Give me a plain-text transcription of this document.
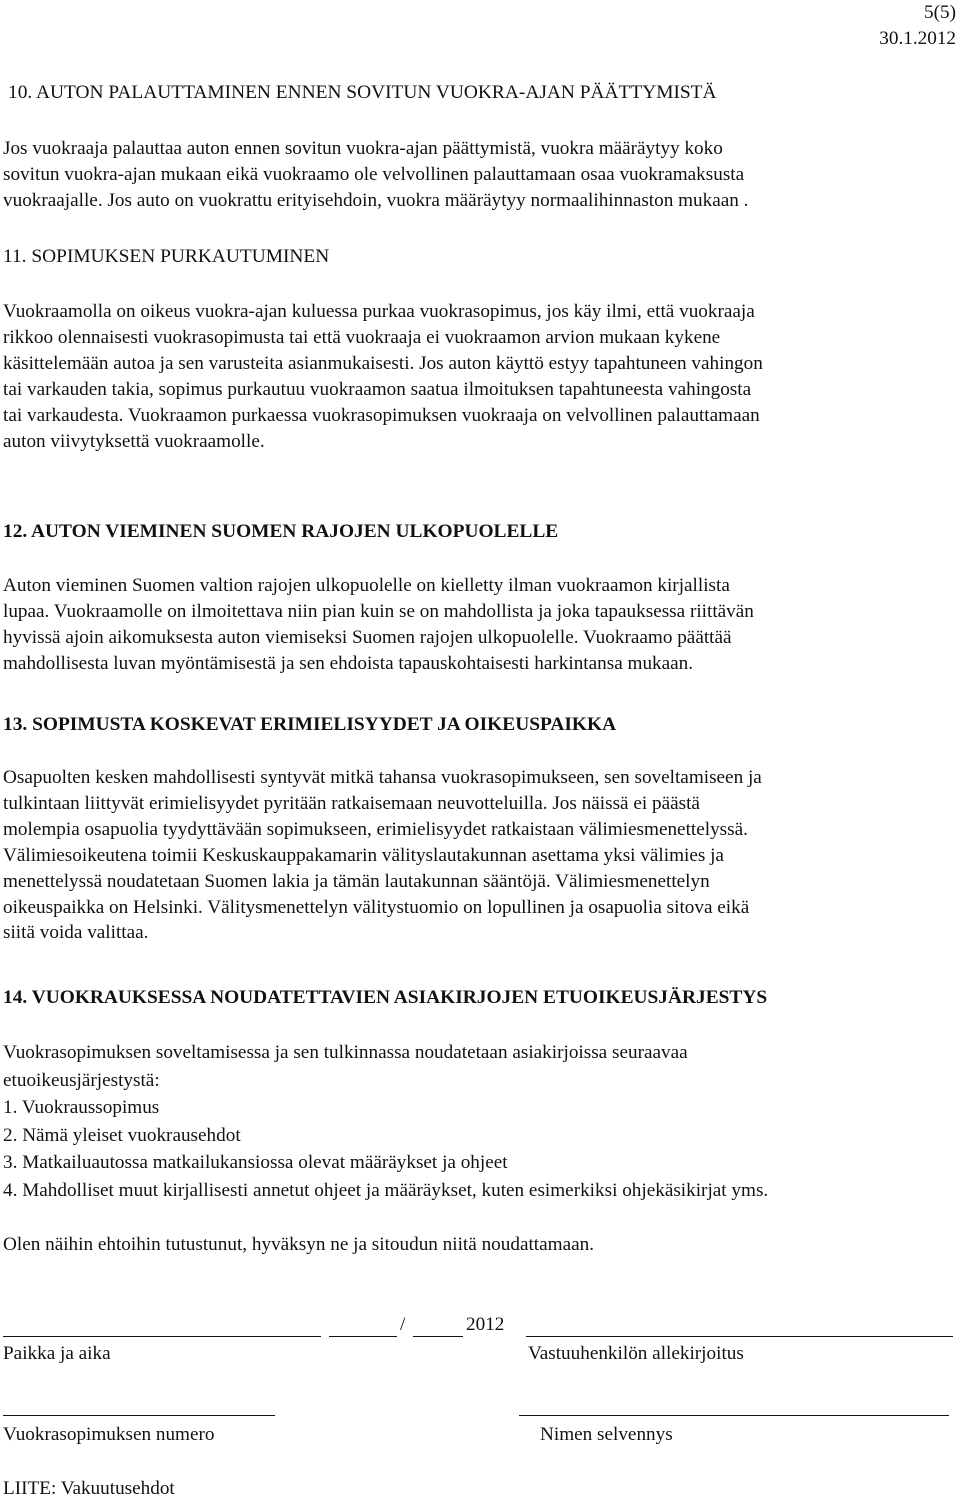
5(5)
30.1.2012
10. AUTON PALAUTTAMINEN ENNEN SOVITUN VUOKRA-AJAN PÄÄTTYMISTÄ
Jos vuokraaja palauttaa auton ennen sovitun vuokra-ajan päättymistä, vuokra määräytyy koko
sovitun vuokra-ajan mukaan eikä vuokraamo ole velvollinen palauttamaan osaa vuokramaksusta
vuokraajalle. Jos auto on vuokrattu erityisehdoin, vuokra määräytyy normaalihinnaston mukaan .
11. SOPIMUKSEN PURKAUTUMINEN
Vuokraamolla on oikeus vuokra-ajan kuluessa purkaa vuokrasopimus, jos käy ilmi, että vuokraaja
rikkoo olennaisesti vuokrasopimusta tai että vuokraaja ei vuokraamon arvion mukaan kykene
käsittelemään autoa ja sen varusteita asianmukaisesti. Jos auton käyttö estyy tapahtuneen vahingon
tai varkauden takia, sopimus purkautuu vuokraamon saatua ilmoituksen tapahtuneesta vahingosta
tai varkaudesta. Vuokraamon purkaessa vuokrasopimuksen vuokraaja on velvollinen palauttamaan
auton viivytyksettä vuokraamolle.
12. AUTON VIEMINEN SUOMEN RAJOJEN ULKOPUOLELLE
Auton vieminen Suomen valtion rajojen ulkopuolelle on kielletty ilman vuokraamon kirjallista
lupaa. Vuokraamolle on ilmoitettava niin pian kuin se on mahdollista ja joka tapauksessa riittävän
hyvissä ajoin aikomuksesta auton viemiseksi Suomen rajojen ulkopuolelle. Vuokraamo päättää
mahdollisesta luvan myöntämisestä ja sen ehdoista tapauskohtaisesti harkintansa mukaan.
13. SOPIMUSTA KOSKEVAT ERIMIELISYYDET JA OIKEUSPAIKKA
Osapuolten kesken mahdollisesti syntyvät mitkä tahansa vuokrasopimukseen, sen soveltamiseen ja
tulkintaan liittyvät erimielisyydet pyritään ratkaisemaan neuvotteluilla. Jos näissä ei päästä
molempia osapuolia tyydyttävään sopimukseen, erimielisyydet ratkaistaan välimiesmenettelyssä.
Välimiesoikeutena toimii Keskuskauppakamarin välityslautakunnan asettama yksi välimies ja
menettelyssä noudatetaan Suomen lakia ja tämän lautakunnan sääntöjä. Välimiesmenettelyn
oikeuspaikka on Helsinki. Välitysmenettelyn välitystuomio on lopullinen ja osapuolia sitova eikä
siitä voida valittaa.
14. VUOKRAUKSESSA NOUDATETTAVIEN ASIAKIRJOJEN ETUOIKEUSJÄRJESTYS
Vuokrasopimuksen soveltamisessa ja sen tulkinnassa noudatetaan asiakirjoissa seuraavaa
etuoikeusjärjestystä:
1. Vuokraussopimus
2. Nämä yleiset vuokrausehdot
3. Matkailuautossa matkailukansiossa olevat määräykset ja ohjeet
4. Mahdolliset muut kirjallisesti annetut ohjeet ja määräykset, kuten esimerkiksi ohjekäsikirjat yms.
Olen näihin ehtoihin tutustunut, hyväksyn ne ja sitoudun niitä noudattamaan.
/	2012
Paikka ja aika	Vastuuhenkilön allekirjoitus
Vuokrasopimuksen numero	Nimen selvennys
LIITE: Vakuutusehdot
